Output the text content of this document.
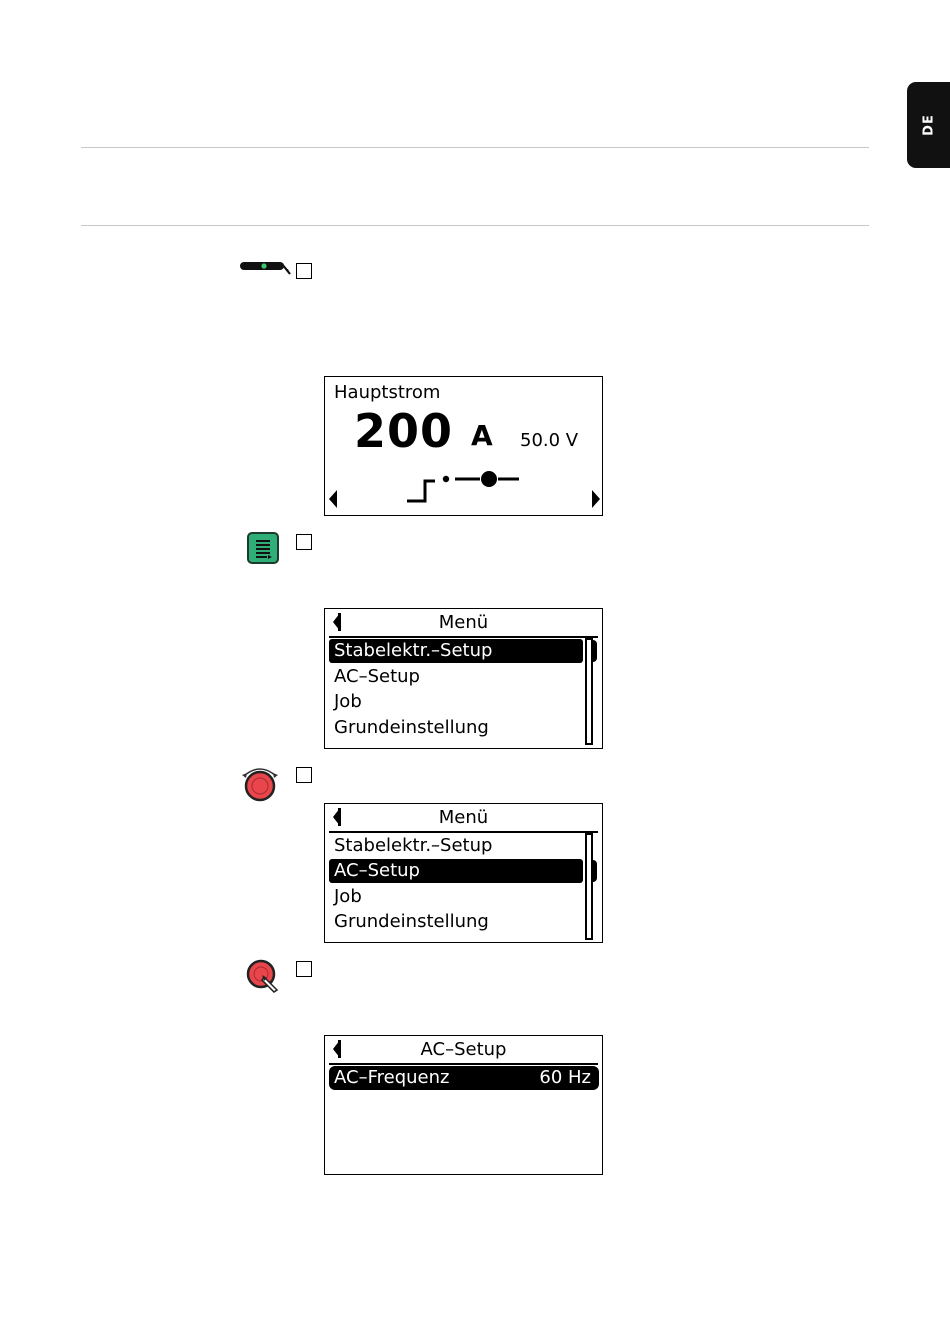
DE
Hauptstrom
200 A 50.0 V
Menü
Stabelektr.–Setup
AC–Setup
Job
Grundeinstellung
Menü
Stabelektr.–Setup
AC–Setup
Job
Grundeinstellung
AC–Setup
AC–Frequenz	60 Hz
